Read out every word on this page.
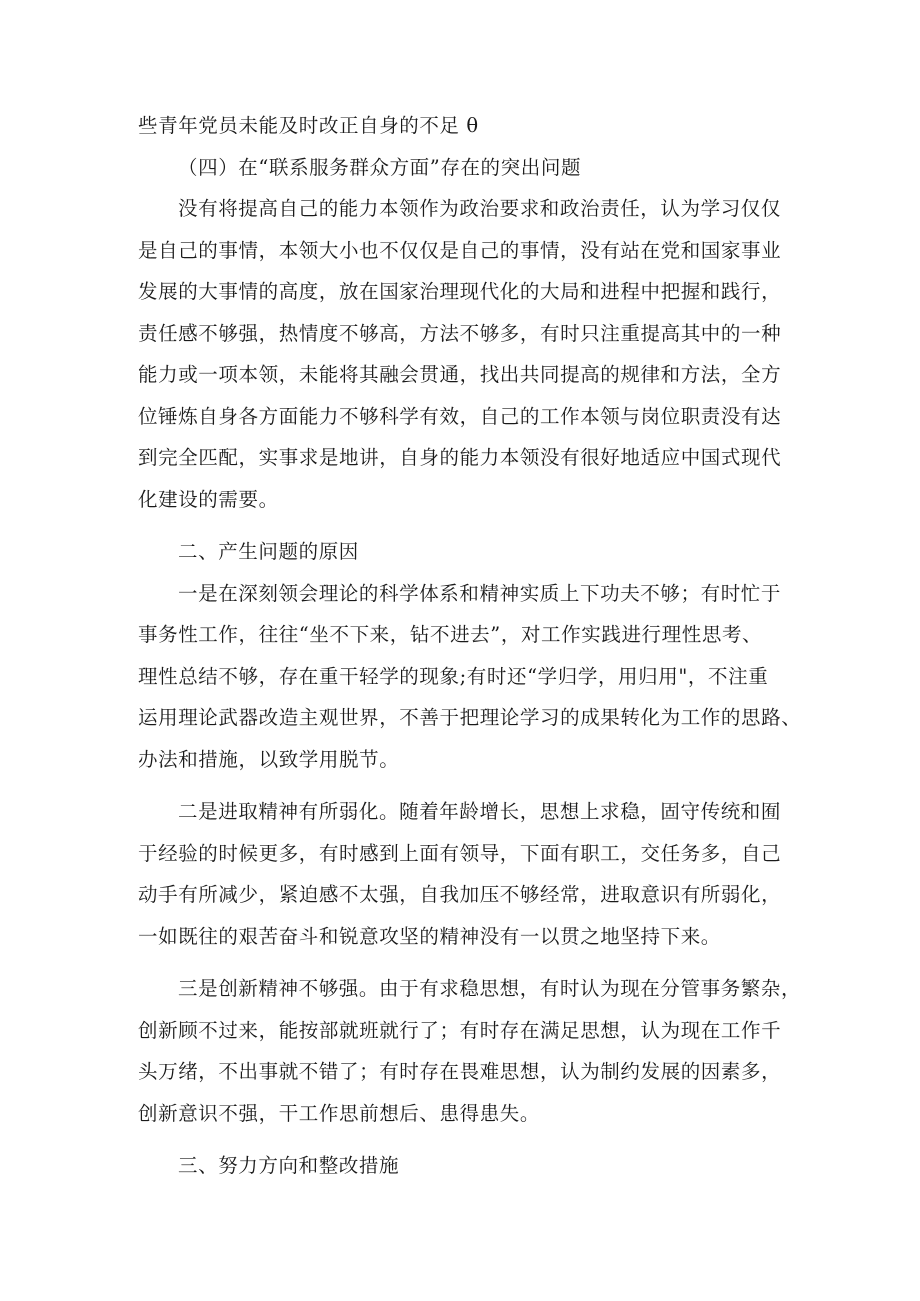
些青年党员未能及时改正自身的不足 θ
（四）在“联系服务群众方面”存在的突出问题
没有将提高自己的能力本领作为政治要求和政治责任，认为学习仅仅
是自己的事情，本领大小也不仅仅是自己的事情，没有站在党和国家事业
发展的大事情的高度，放在国家治理现代化的大局和进程中把握和践行，
责任感不够强，热情度不够高，方法不够多，有时只注重提高其中的一种
能力或一项本领，未能将其融会贯通，找出共同提高的规律和方法，全方
位锤炼自身各方面能力不够科学有效，自己的工作本领与岗位职责没有达
到完全匹配，实事求是地讲，自身的能力本领没有很好地适应中国式现代
化建设的需要。
二、产生问题的原因
一是在深刻领会理论的科学体系和精神实质上下功夫不够；有时忙于
事务性工作，往往“坐不下来，钻不进去”，对工作实践进行理性思考、
理性总结不够，存在重干轻学的现象;有时还“学归学，用归用"，不注重
运用理论武器改造主观世界，不善于把理论学习的成果转化为工作的思路、
办法和措施，以致学用脱节。
二是进取精神有所弱化。随着年龄增长，思想上求稳，固守传统和囿
于经验的时候更多，有时感到上面有领导，下面有职工，交任务多，自己
动手有所减少，紧迫感不太强，自我加压不够经常，进取意识有所弱化，
一如既往的艰苦奋斗和锐意攻坚的精神没有一以贯之地坚持下来。
三是创新精神不够强。由于有求稳思想，有时认为现在分管事务繁杂，
创新顾不过来，能按部就班就行了；有时存在满足思想，认为现在工作千
头万绪，不出事就不错了；有时存在畏难思想，认为制约发展的因素多，
创新意识不强，干工作思前想后、患得患失。
三、努力方向和整改措施
